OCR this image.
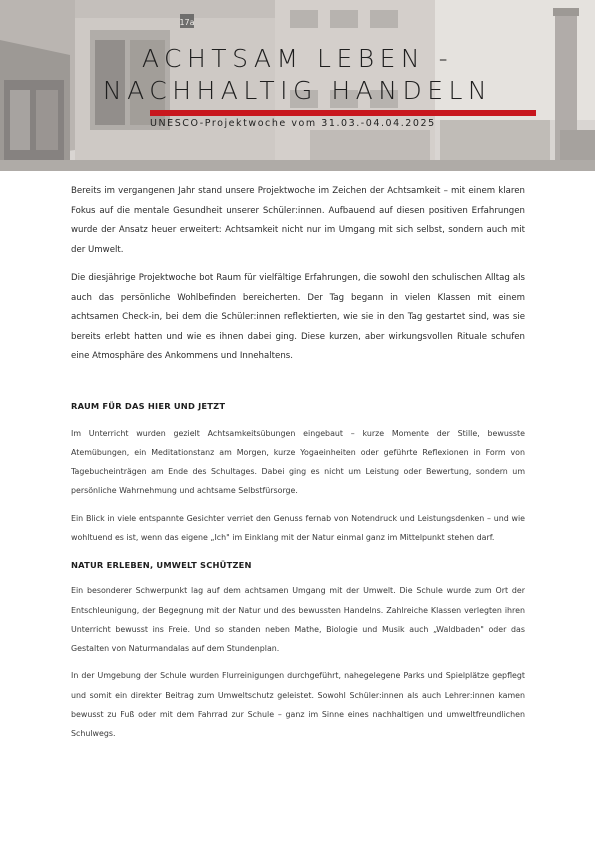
17a
ACHTSAM LEBEN -
NACHHALTIG HANDELN
UNESCO-Projektwoche vom 31.03.-04.04.2025

Bereits im vergangenen Jahr stand unsere Projektwoche im Zeichen der Achtsamkeit – mit einem klaren Fokus auf die mentale Gesundheit unserer Schüler:innen. Aufbauend auf diesen positiven Erfahrungen wurde der Ansatz heuer erweitert: Achtsamkeit nicht nur im Umgang mit sich selbst, sondern auch mit der Umwelt.

Die diesjährige Projektwoche bot Raum für vielfältige Erfahrungen, die sowohl den schulischen Alltag als auch das persönliche Wohlbefinden bereicherten. Der Tag begann in vielen Klassen mit einem achtsamen Check-in, bei dem die Schüler:innen reflektierten, wie sie in den Tag gestartet sind, was sie bereits erlebt hatten und wie es ihnen dabei ging. Diese kurzen, aber wirkungsvollen Rituale schufen eine Atmosphäre des Ankommens und Innehaltens.

RAUM FÜR DAS HIER UND JETZT

Im Unterricht wurden gezielt Achtsamkeitsübungen eingebaut – kurze Momente der Stille, bewusste Atemübungen, ein Meditationstanz am Morgen, kurze Yogaeinheiten oder geführte Reflexionen in Form von Tagebucheinträgen am Ende des Schultages. Dabei ging es nicht um Leistung oder Bewertung, sondern um persönliche Wahrnehmung und achtsame Selbstfürsorge.

Ein Blick in viele entspannte Gesichter verriet den Genuss fernab von Notendruck und Leistungsdenken – und wie wohltuend es ist, wenn das eigene „Ich" im Einklang mit der Natur einmal ganz im Mittelpunkt stehen darf.

NATUR ERLEBEN, UMWELT SCHÜTZEN

Ein besonderer Schwerpunkt lag auf dem achtsamen Umgang mit der Umwelt. Die Schule wurde zum Ort der Entschleunigung, der Begegnung mit der Natur und des bewussten Handelns. Zahlreiche Klassen verlegten ihren Unterricht bewusst ins Freie. Und so standen neben Mathe, Biologie und Musik auch „Waldbaden" oder das Gestalten von Naturmandalas auf dem Stundenplan.

In der Umgebung der Schule wurden Flurreinigungen durchgeführt, nahegelegene Parks und Spielplätze gepflegt und somit ein direkter Beitrag zum Umweltschutz geleistet. Sowohl Schüler:innen als auch Lehrer:innen kamen bewusst zu Fuß oder mit dem Fahrrad zur Schule – ganz im Sinne eines nachhaltigen und umweltfreundlichen Schulwegs.
